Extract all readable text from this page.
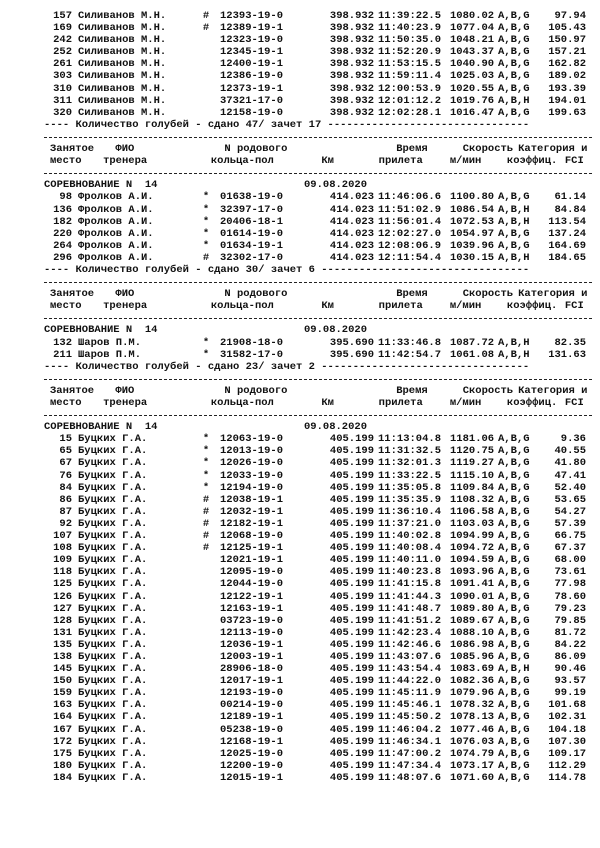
157 Силиванов М.Н.	#	12393-19-0	398.932 11:39:22.5 1080.02 A,B,G	97.94
169 Силиванов М.Н.	#	12389-19-1	398.932 11:40:23.9 1077.04 A,B,G	105.43
242 Силиванов М.Н.	12323-19-0	398.932 11:50:35.0 1048.21 A,B,G	150.97
252 Силиванов М.Н.	12345-19-1	398.932 11:52:20.9 1043.37 A,B,G	157.21
261 Силиванов М.Н.	12400-19-1	398.932 11:53:15.5 1040.90 A,B,G	162.82
303 Силиванов М.Н.	12386-19-0	398.932 11:59:11.4 1025.03 A,B,G	189.02
310 Силиванов М.Н.	12373-19-1	398.932 12:00:53.9 1020.55 A,B,G	193.39
311 Силиванов М.Н.	37321-17-0	398.932 12:01:12.2 1019.76 A,B,H	194.01
320 Силиванов М.Н.	12158-19-0	398.932 12:02:28.1 1016.47 A,B,G	199.63
---- Количество голубей - сдано 47/ зачет 17 --------------------------------
Занятое	ФИО	N родового	Время	Скорость Категория и
место	тренера	кольца-пол	Км	прилета	м/мин	коэффиц. FCI
СОРЕВНОВАНИЕ N  14	09.08.2020
98 Фролков А.И.	*	01638-19-0	414.023 11:46:06.6 1100.80 A,B,G	61.14
136 Фролков А.И.	*	32397-17-0	414.023 11:51:02.9 1086.54 A,B,H	84.84
182 Фролков А.И.	*	20406-18-1	414.023 11:56:01.4 1072.53 A,B,H	113.54
220 Фролков А.И.	*	01614-19-0	414.023 12:02:27.0 1054.97 A,B,G	137.24
264 Фролков А.И.	*	01634-19-1	414.023 12:08:06.9 1039.96 A,B,G	164.69
296 Фролков А.И.	#	32302-17-0	414.023 12:11:54.4 1030.15 A,B,H	184.65
---- Количество голубей - сдано 30/ зачет 6 ---------------------------------
Занятое	ФИО	N родового	Время	Скорость Категория и
место	тренера	кольца-пол	Км	прилета	м/мин	коэффиц. FCI
СОРЕВНОВАНИЕ N  14	09.08.2020
132 Шаров П.М.	*	21908-18-0	395.690 11:33:46.8 1087.72 A,B,H	82.35
211 Шаров П.М.	*	31582-17-0	395.690 11:42:54.7 1061.08 A,B,H	131.63
---- Количество голубей - сдано 23/ зачет 2 ---------------------------------
Занятое	ФИО	N родового	Время	Скорость Категория и
место	тренера	кольца-пол	Км	прилета	м/мин	коэффиц. FCI
СОРЕВНОВАНИЕ N  14	09.08.2020
15 Буцких Г.А.	*	12063-19-0	405.199 11:13:04.8 1181.06 A,B,G	9.36
65 Буцких Г.А.	*	12013-19-0	405.199 11:31:32.5 1120.75 A,B,G	40.55
67 Буцких Г.А.	*	12026-19-0	405.199 11:32:01.3 1119.27 A,B,G	41.80
76 Буцких Г.А.	*	12033-19-0	405.199 11:33:22.5 1115.10 A,B,G	47.41
84 Буцких Г.А.	*	12194-19-0	405.199 11:35:05.8 1109.84 A,B,G	52.40
86 Буцких Г.А.	#	12038-19-1	405.199 11:35:35.9 1108.32 A,B,G	53.65
87 Буцких Г.А.	#	12032-19-1	405.199 11:36:10.4 1106.58 A,B,G	54.27
92 Буцких Г.А.	#	12182-19-1	405.199 11:37:21.0 1103.03 A,B,G	57.39
107 Буцких Г.А.	#	12068-19-0	405.199 11:40:02.8 1094.99 A,B,G	66.75
108 Буцких Г.А.	#	12125-19-1	405.199 11:40:08.4 1094.72 A,B,G	67.37
109 Буцких Г.А.	12021-19-1	405.199 11:40:11.0 1094.59 A,B,G	68.00
118 Буцких Г.А.	12095-19-0	405.199 11:40:23.8 1093.96 A,B,G	73.61
125 Буцких Г.А.	12044-19-0	405.199 11:41:15.8 1091.41 A,B,G	77.98
126 Буцких Г.А.	12122-19-1	405.199 11:41:44.3 1090.01 A,B,G	78.60
127 Буцких Г.А.	12163-19-1	405.199 11:41:48.7 1089.80 A,B,G	79.23
128 Буцких Г.А.	03723-19-0	405.199 11:41:51.2 1089.67 A,B,G	79.85
131 Буцких Г.А.	12113-19-0	405.199 11:42:23.4 1088.10 A,B,G	81.72
135 Буцких Г.А.	12036-19-1	405.199 11:42:46.6 1086.98 A,B,G	84.22
138 Буцких Г.А.	12003-19-1	405.199 11:43:07.6 1085.96 A,B,G	86.09
145 Буцких Г.А.	28906-18-0	405.199 11:43:54.4 1083.69 A,B,H	90.46
150 Буцких Г.А.	12017-19-1	405.199 11:44:22.0 1082.36 A,B,G	93.57
159 Буцких Г.А.	12193-19-0	405.199 11:45:11.9 1079.96 A,B,G	99.19
163 Буцких Г.А.	00214-19-0	405.199 11:45:46.1 1078.32 A,B,G	101.68
164 Буцких Г.А.	12189-19-1	405.199 11:45:50.2 1078.13 A,B,G	102.31
167 Буцких Г.А.	05238-19-0	405.199 11:46:04.2 1077.46 A,B,G	104.18
172 Буцких Г.А.	12168-19-1	405.199 11:46:34.1 1076.03 A,B,G	107.30
175 Буцких Г.А.	12025-19-0	405.199 11:47:00.2 1074.79 A,B,G	109.17
180 Буцких Г.А.	12200-19-0	405.199 11:47:34.4 1073.17 A,B,G	112.29
184 Буцких Г.А.	12015-19-1	405.199 11:48:07.6 1071.60 A,B,G	114.78
